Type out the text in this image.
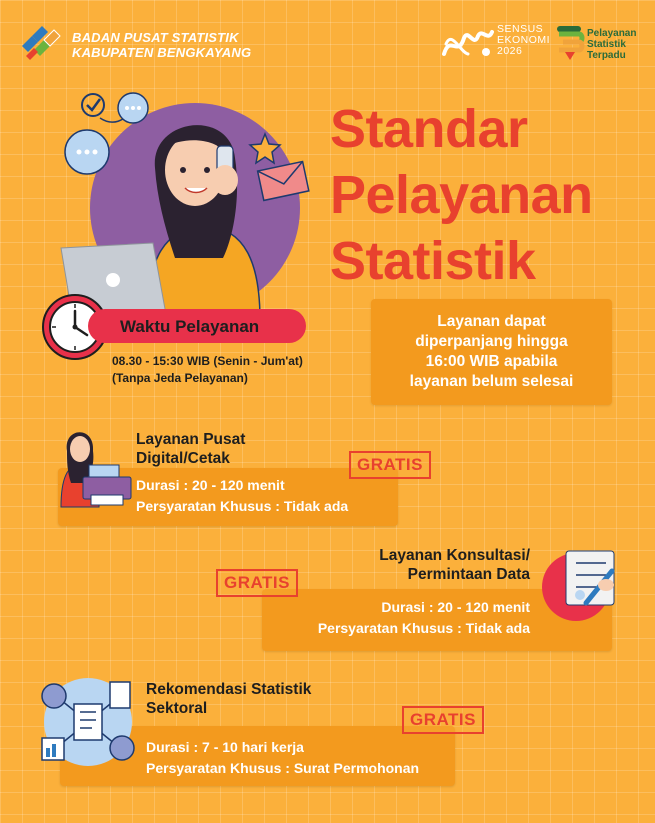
BADAN PUSAT STATISTIK
KABUPATEN BENGKAYANG
SENSUS
EKONOMI
2026
Pelayanan
Statistik
Terpadu
Standar
Pelayanan
Statistik
Waktu Pelayanan
08.30 - 15:30 WIB (Senin - Jum'at)
(Tanpa Jeda Pelayanan)
Layanan dapat
diperpanjang hingga
16:00 WIB apabila
layanan belum selesai
Layanan Pusat
Digital/Cetak
Durasi : 20 - 120 menit
Persyaratan Khusus : Tidak ada
GRATIS
Layanan Konsultasi/
Permintaan Data
Durasi : 20 - 120 menit
Persyaratan Khusus : Tidak ada
GRATIS
Rekomendasi Statistik
Sektoral
Durasi : 7 - 10 hari kerja
Persyaratan Khusus : Surat Permohonan
GRATIS
